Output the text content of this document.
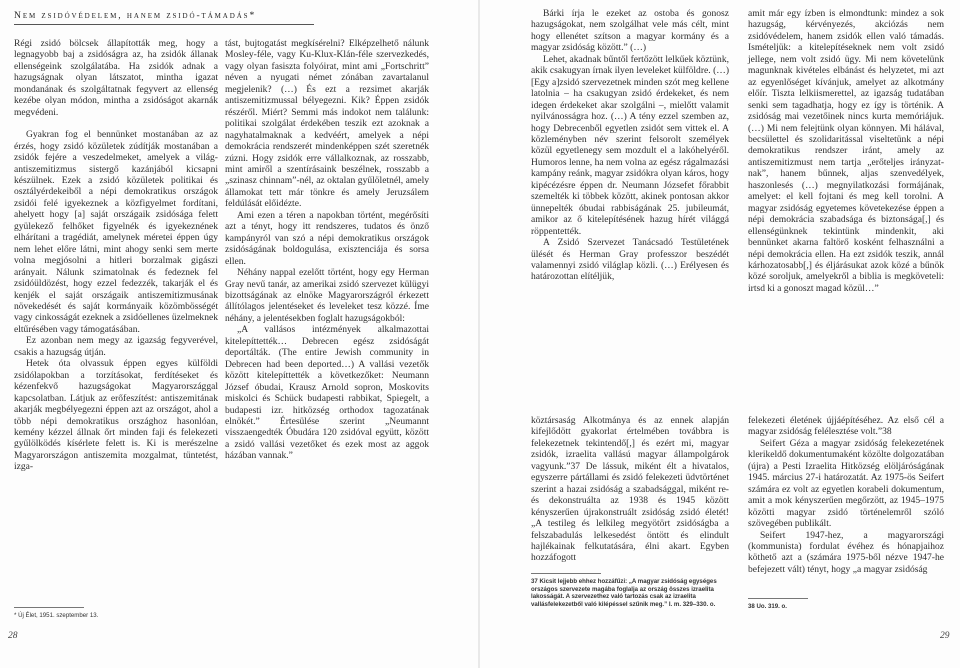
Nem zsidóvédelem, hanem zsidó-támadás*

Régi zsidó bölcsek állapították meg, hogy a legnagyobb baj a zsidóságra az, ha zsidók állanak ellenségeink szolgálatába. Ha zsidók adnak a hazugságnak olyan látszatot, mintha igazat mondanának és szolgáltatnak fegyvert az ellenség kezébe olyan módon, mintha a zsidóságot akarnák megvédeni.

Gyakran fog el bennünket mostanában az az érzés, hogy zsidó közületek zúdítják mostanában a zsidók fejére a veszedelmeket, amelyek a világ-antiszemitizmus sistergő kazánjából kicsapni készülnek. Ezek a zsidó közületek politikai és osztályérdekeiből a népi demokratikus országok zsidói felé igyekeznek a közfigyelmet fordítani, ahelyett hogy [a] saját országaik zsidósága felett gyülekező felhőket figyelnék és igyekeznének elhárítani a tragédiát, amelynek méretei éppen úgy nem lehet előre látni, mint ahogy senki sem merte volna megjósolni a hitleri borzalmak gigászi arányait. Nálunk szimatolnak és fedeznek fel zsidóüldözést, hogy ezzel fedezzék, takarják el és kenjék el saját országaik antiszemitizmusának növekedését és saját kormányaik közömbösségét vagy cinkosságát ezeknek a zsidóellenes üzelmeknek eltűrésében vagy támogatásában.

Ez azonban nem megy az igazság fegyverével, csakis a hazugság útján.

Hetek óta olvassuk éppen egyes külföldi zsidólapokban a torzításokat, ferdítéseket és kézenfekvő hazugságokat Magyarországgal kapcsolatban. Látjuk az erőfeszítést: antiszemitának akarják megbélyegezni éppen azt az országot, ahol a több népi demokratikus országhoz hasonlóan, kemény kézzel állnak őrt minden faji és felekezeti gyűlölködés kísérlete felett is. Ki is merészelne Magyarországon antiszemita mozgalmat, tüntetést, izga-

* Új Élet, 1951. szeptember 13.

tást, bujtogatást megkísérelni? Elképzelhető nálunk Mosley-féle, vagy Ku-Klux-Klán-féle szervezkedés, vagy olyan fasiszta folyóirat, mint ami „Fortschritt” néven a nyugati német zónában zavartalanul megjelenik? (…) És ezt a rezsimet akarják antiszemitizmussal bélyegezni. Kik? Éppen zsidók részéről. Miért? Semmi más indokot nem találunk: politikai szolgálat érdekében teszik ezt azoknak a nagyhatalmaknak a kedvéért, amelyek a népi demokrácia rendszerét mindenképpen szét szeretnék zúzni. Hogy zsidók erre vállalkoznak, az rosszabb, mint amiről a szentírásaink beszélnek, rosszabb a „szinasz chinnam”-nél, az oktalan gyűlöletnél, amely államokat tett már tönkre és amely Jeruzsálem feldúlását előidézte.

Ami ezen a téren a napokban történt, megérősíti azt a tényt, hogy itt rendszeres, tudatos és önző kampányról van szó a népi demokratikus országok zsidóságának boldogulása, exisztenciája és sorsa ellen.

Néhány nappal ezelőtt történt, hogy egy Herman Gray nevű tanár, az amerikai zsidó szervezet külügyi bizottságának az elnöke Magyarországról érkezett állítólagos jelentéseket és leveleket tesz közzé. Íme néhány, a jelentésekben foglalt hazugságokból:

„A vallásos intézmények alkalmazottai kitelepíttették… Debrecen egész zsidóságát deportálták. (The entire Jewish community in Debrecen had been deported…) A vallási vezetők között kitelepíttették a következőket: Neumann József óbudai, Krausz Arnold sopron, Moskovits miskolci és Schück budapesti rabbikat, Spiegelt, a budapesti izr. hitközség orthodox tagozatának elnökét.” Értesülése szerint „Neumannt visszaengedték Óbudára 120 zsidóval együtt, között a zsidó vallási vezetőket és ezek most az aggok házában vannak.”

28

Bárki írja le ezeket az ostoba és gonosz hazugságokat, nem szolgálhat vele más célt, mint hogy ellenétet szítson a magyar kormány és a magyar zsidóság között.” (…)

Lehet, akadnak bűntől fertőzött lelkűek köztünk, akik csakugyan írnak ilyen leveleket külföldre. (…) [Egy a]zsidó szervezetnek minden szót meg kellene latolnia – ha csakugyan zsidó érdekeket, és nem idegen érdekeket akar szolgálni –, mielőtt valamit nyilvánosságra hoz. (…) A tény ezzel szemben az, hogy Debrecenből egyetlen zsidót sem vittek el. A közleményben név szerint felsorolt személyek közül egyetlenegy sem mozdult el a lakóhelyéről. Humoros lenne, ha nem volna az egész rágalmazási kampány reánk, magyar zsidókra olyan káros, hogy kipécézésre éppen dr. Neumann Józsefet főrabbit szemelték ki többek között, akinek pontosan akkor ünnepelték óbudai rabbiságának 25. jubileumát, amikor az ő kitelepítésének hazug hírét világgá röppentették.

A Zsidó Szervezet Tanácsadó Testületének ülését és Herman Gray professzor beszédét valamennyi zsidó világlap közli. (…) Erélyesen és határozottan elítéljük,

amit már egy ízben is elmondtunk: mindez a sok hazugság, kérvényezés, akciózás nem zsidóvédelem, hanem zsidók ellen való támadás. Ismételjük: a kitelepítéseknek nem volt zsidó jellege, nem volt zsidó ügy. Mi nem követelünk magunknak kivételes elbánást és helyzetet, mi azt az egyenlőséget kívánjuk, amelyet az alkotmány előír. Tiszta lelkiismerettel, az igazság tudatában senki sem tagadhatja, hogy ez így is történik. A zsidóság mai vezetőinek nincs kurta memóriájuk. (…) Mi nem felejtünk olyan könnyen. Mi hálával, becsülettel és szolidaritással viseltetünk a népi demokratikus rendszer iránt, amely az antiszemitizmust nem tartja „erőteljes irányzatnak”, hanem bűnnek, aljas szenvedélyek, haszonlesés (…) megnyilatkozási formájának, amelyet: el kell fojtani és meg kell torolni. A magyar zsidóság egyetemes követekezése éppen a népi demokrácia szabadsága és biztonsága[,] és ellenségünknek tekintünk mindenkit, aki bennünket akarna faltörő kosként felhasználni a népi demokrácia ellen. Ha ezt zsidók teszik, annál kárhozatosabb[,] és éljárásukat azok közé a bűnök közé soroljuk, amelyekről a biblia is megköveteli: irtsd ki a gonoszt magad közül…”

köztársaság Alkotmánya és az ennek alapján kifejlődött gyakorlat értelmében továbbra is felekezetnek tekintendő[,] és ezért mi, magyar zsidók, izraelita vallású magyar állampolgárok vagyunk.”37 De lássuk, miként élt a hivatalos, egyszerre pártállami és zsidó felekezeti üdvtörténet szerint a hazai zsidóság a szabadsággal, miként re- és dekonstruálta az 1938 és 1945 között kényszerűen újrakonstruált zsidóság zsidó életét! „A testileg és lelkileg megyötört zsidóságba a felszabadulás lelkesedést öntött és elindult hajlékainak felkutatására, élni akart. Egyben hozzáfogott

37 Kicsit lejjebb ehhez hozzáfűzi: „A magyar zsidóság egységes országos szervezete magába foglalja az ország összes izraelita lakosságát. A szervezethez való tartozás csak az izraelita vallásfelekezetből való kilépéssel szűnik meg.” I. m. 329–330. o.

felekezeti életének újjáépítéséhez. Az első cél a magyar zsidóság felélesztése volt.”38

Seifert Géza a magyar zsidóság felekezetének klerikeldő dokumentumaként közölte dolgozatában (újra) a Pesti Izraelita Hitközség elöljáróságának 1945. március 27-i határozatát. Az 1975-ös Seifert számára ez volt az egyetlen korabeli dokumentum, amit a mok kényszerűen megőrzött, az 1945–1975 közötti magyar zsidó történelemről szóló szövegében publikált.

Seifert 1947-hez, a magyarországi (kommunista) fordulat évéhez és hónapjaihoz köthető azt a (számára 1975-ből nézve 1947-he befejezett vált) tényt, hogy „a magyar zsidóság

38 Uo. 319. o.
29
